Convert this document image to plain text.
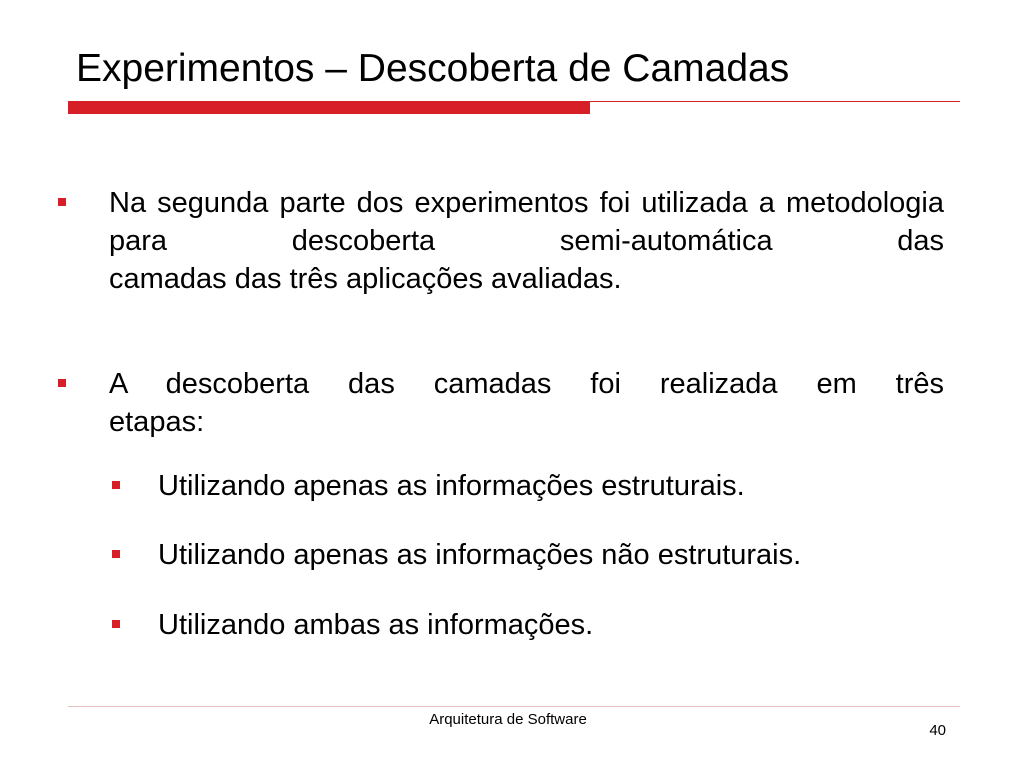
Experimentos – Descoberta de Camadas
Na segunda parte dos experimentos foi utilizada a metodologia para descoberta semi-automática das
camadas das três aplicações avaliadas.
A descoberta das camadas foi realizada em três
etapas:
Utilizando apenas as informações estruturais.
Utilizando apenas as informações não estruturais.
Utilizando ambas as informações.
Arquitetura de Software
40
